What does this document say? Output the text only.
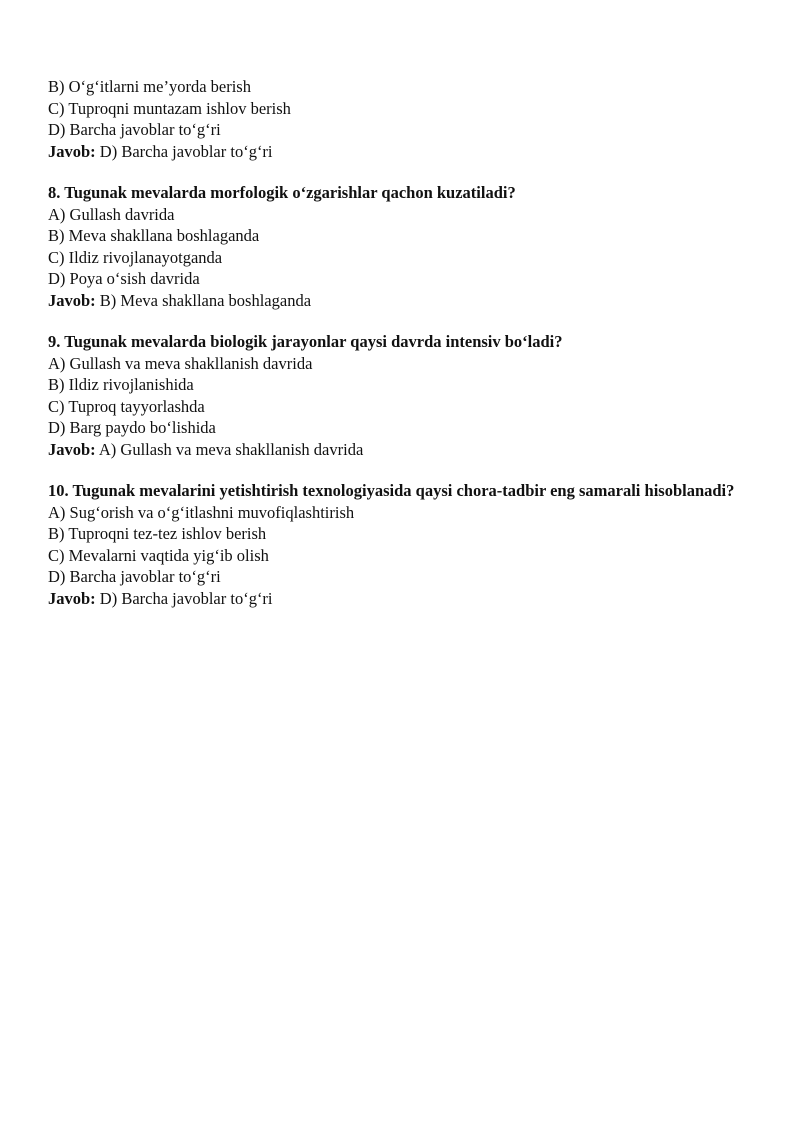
B) O‘g‘itlarni me’yorda berish

C) Tuproqni muntazam ishlov berish

D) Barcha javoblar to‘g‘ri

Javob: D) Barcha javoblar to‘g‘ri

8. Tugunak mevalarda morfologik o‘zgarishlar qachon kuzatiladi?

A) Gullash davrida

B) Meva shakllana boshlaganda

C) Ildiz rivojlanayotganda

D) Poya o‘sish davrida

Javob: B) Meva shakllana boshlaganda

9. Tugunak mevalarda biologik jarayonlar qaysi davrda intensiv bo‘ladi?

A) Gullash va meva shakllanish davrida

B) Ildiz rivojlanishida

C) Tuproq tayyorlashda

D) Barg paydo bo‘lishida

Javob: A) Gullash va meva shakllanish davrida

10. Tugunak mevalarini yetishtirish texnologiyasida qaysi chora-tadbir eng samarali hisoblanadi?

A) Sug‘orish va o‘g‘itlashni muvofiqlashtirish

B) Tuproqni tez-tez ishlov berish

C) Mevalarni vaqtida yig‘ib olish

D) Barcha javoblar to‘g‘ri

Javob: D) Barcha javoblar to‘g‘ri
